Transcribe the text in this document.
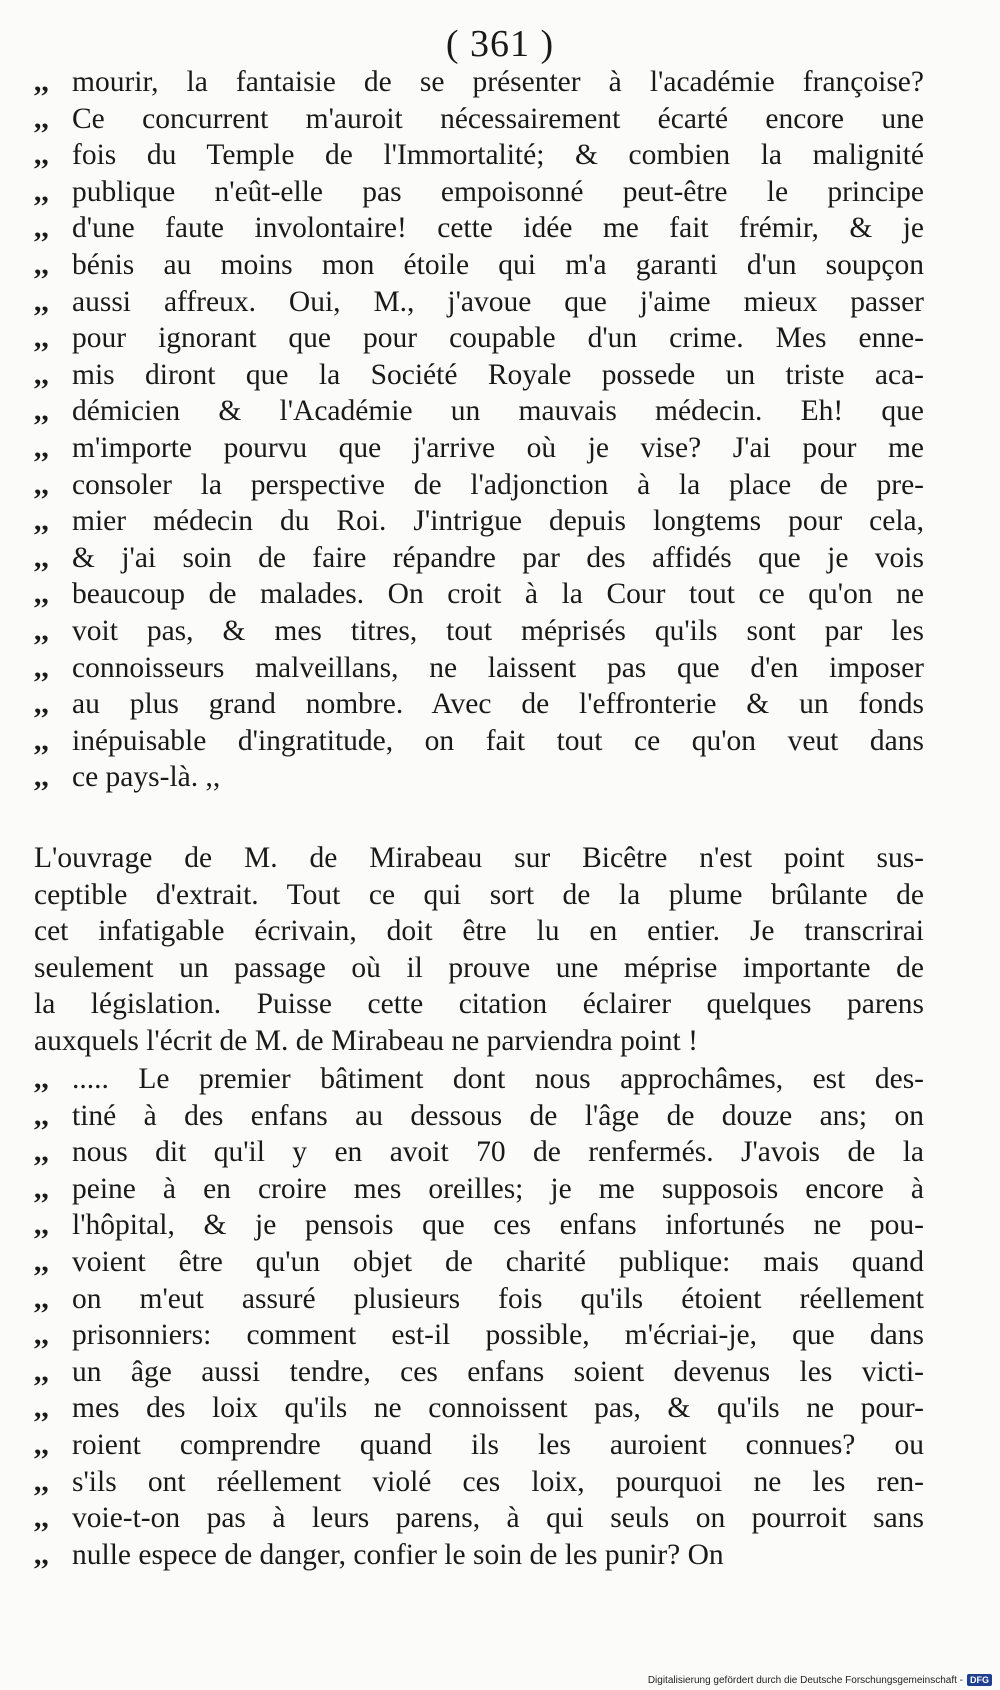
( 361 )
,, mourir, la fantaisie de se présenter à l'académie françoise?
,, Ce concurrent m'auroit nécessairement écarté encore une
,, fois du Temple de l'Immortalité; & combien la malignité
,, publique n'eût-elle pas empoisonné peut-être le principe
,, d'une faute involontaire! cette idée me fait frémir, & je
,, bénis au moins mon étoile qui m'a garanti d'un soupçon
,, aussi affreux. Oui, M., j'avoue que j'aime mieux passer
,, pour ignorant que pour coupable d'un crime. Mes enne-
,, mis diront que la Société Royale possede un triste aca-
,, démicien & l'Académie un mauvais médecin. Eh! que
,, m'importe pourvu que j'arrive où je vise? J'ai pour me
,, consoler la perspective de l'adjonction à la place de pre-
,, mier médecin du Roi. J'intrigue depuis longtems pour cela,
,, & j'ai soin de faire répandre par des affidés que je vois
,, beaucoup de malades. On croit à la Cour tout ce qu'on ne
,, voit pas, & mes titres, tout méprisés qu'ils sont par les
,, connoisseurs malveillans, ne laissent pas que d'en imposer
,, au plus grand nombre. Avec de l'effronterie & un fonds
,, inépuisable d'ingratitude, on fait tout ce qu'on veut dans
,, ce pays-là. ,,
L'ouvrage de M. de Mirabeau sur Bicêtre n'est point sus-
ceptible d'extrait. Tout ce qui sort de la plume brûlante de
cet infatigable écrivain, doit être lu en entier. Je transcrirai
seulement un passage où il prouve une méprise importante de
la législation. Puisse cette citation éclairer quelques parens
auxquels l'écrit de M. de Mirabeau ne parviendra point !
,, ..... Le premier bâtiment dont nous approchâmes, est des-
,, tiné à des enfans au dessous de l'âge de douze ans; on
,, nous dit qu'il y en avoit 70 de renfermés. J'avois de la
,, peine à en croire mes oreilles; je me supposois encore à
,, l'hôpital, & je pensois que ces enfans infortunés ne pou-
,, voient être qu'un objet de charité publique: mais quand
,, on m'eut assuré plusieurs fois qu'ils étoient réellement
,, prisonniers: comment est-il possible, m'écriai-je, que dans
,, un âge aussi tendre, ces enfans soient devenus les victi-
,, mes des loix qu'ils ne connoissent pas, & qu'ils ne pour-
,, roient comprendre quand ils les auroient connues? ou
,, s'ils ont réellement violé ces loix, pourquoi ne les ren-
,, voie-t-on pas à leurs parens, à qui seuls on pourroit sans
,, nulle espece de danger, confier le soin de les punir? On
Digitalisierung gefördert durch die Deutsche Forschungsgemeinschaft - DFG
